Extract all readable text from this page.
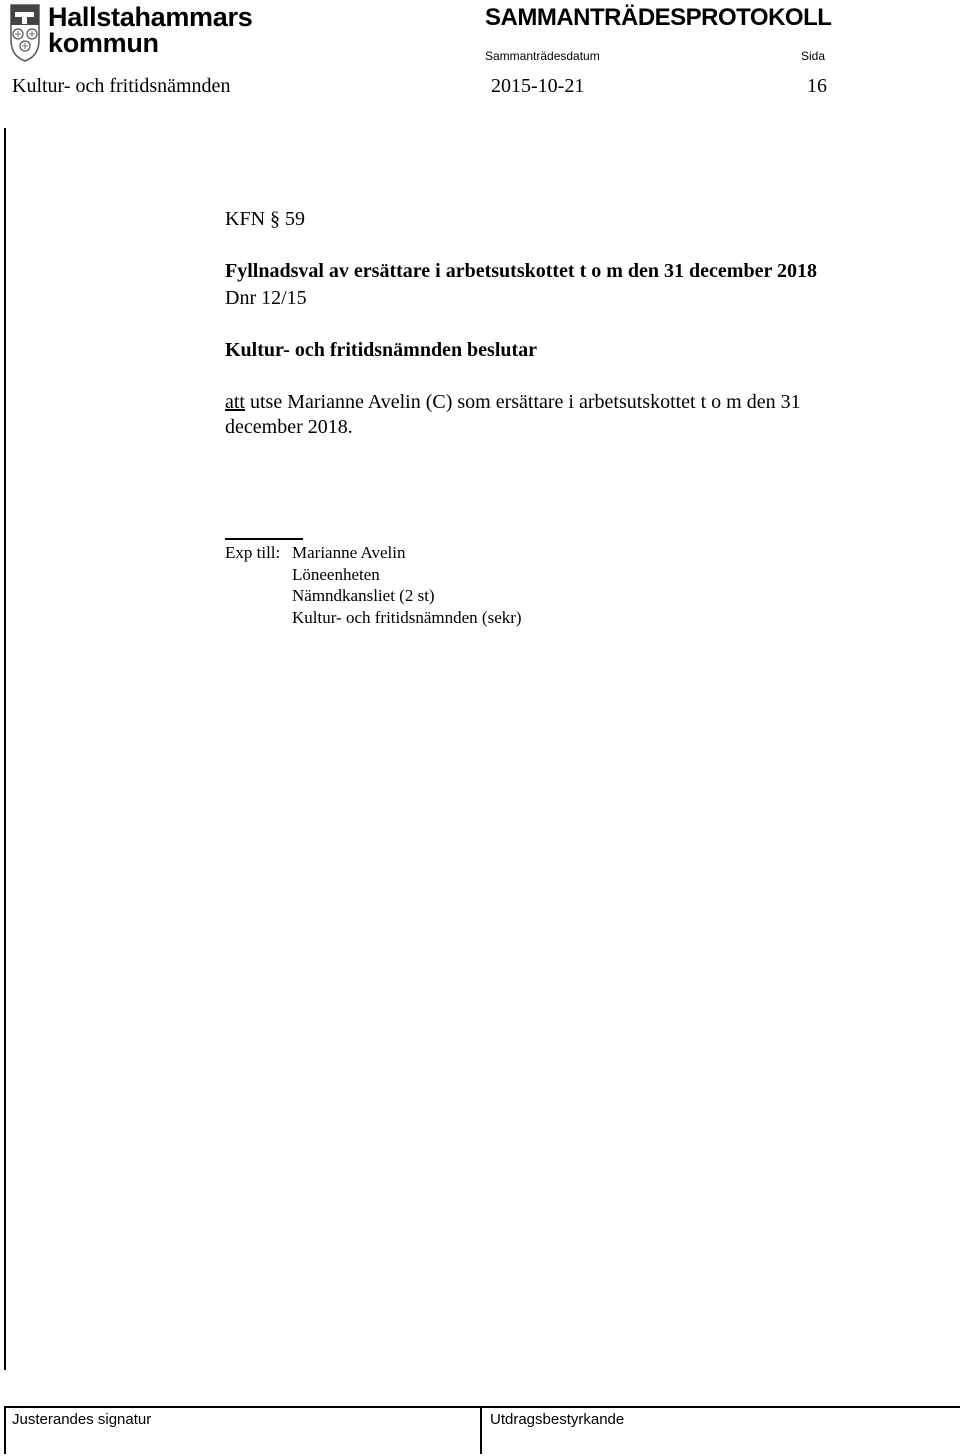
Hallstahammars
kommun
SAMMANTRÄDESPROTOKOLL
Sammanträdesdatum	Sida
Kultur- och fritidsnämnden	2015-10-21	16
KFN § 59
Fyllnadsval av ersättare i arbetsutskottet t o m den 31 december 2018
Dnr 12/15
Kultur- och fritidsnämnden beslutar
att utse Marianne Avelin (C) som ersättare i arbetsutskottet t o m den 31
december 2018.
Exp till: Marianne Avelin
Löneenheten
Nämndkansliet (2 st)
Kultur- och fritidsnämnden (sekr)
Justerandes signatur	Utdragsbestyrkande
